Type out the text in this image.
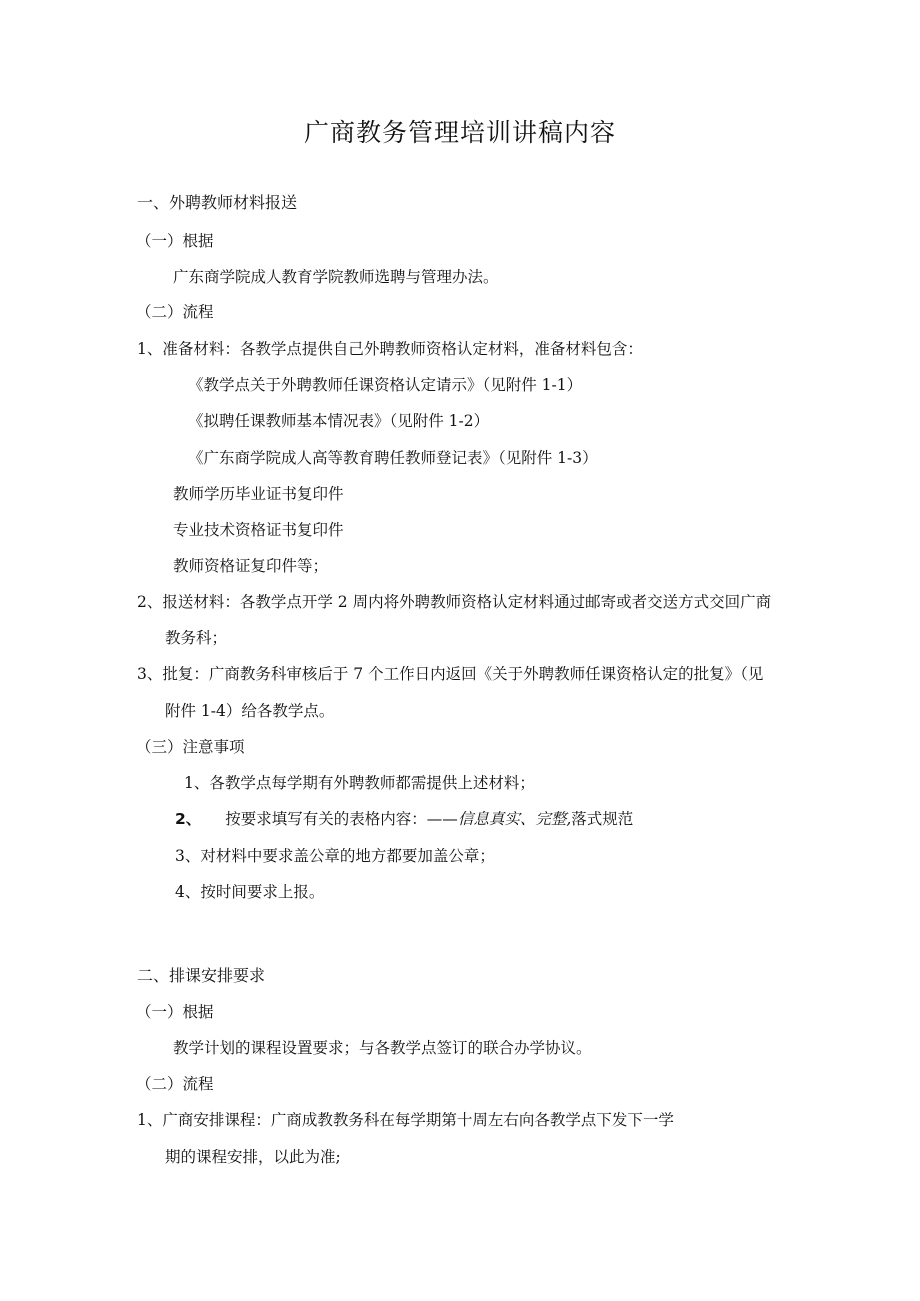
广商教务管理培训讲稿内容
一、外聘教师材料报送
（一）根据
广东商学院成人教育学院教师选聘与管理办法。
（二）流程
1、准备材料：各教学点提供自己外聘教师资格认定材料，准备材料包含：
《教学点关于外聘教师任课资格认定请示》（见附件 1-1）
《拟聘任课教师基本情况表》（见附件 1-2）
《广东商学院成人高等教育聘任教师登记表》（见附件 1-3）
教师学历毕业证书复印件
专业技术资格证书复印件
教师资格证复印件等；
2、报送材料：各教学点开学 2 周内将外聘教师资格认定材料通过邮寄或者交送方式交回广商
教务科；
3、批复：广商教务科审核后于 7 个工作日内返回《关于外聘教师任课资格认定的批复》（见
附件 1-4）给各教学点。
（三）注意事项
1、各教学点每学期有外聘教师都需提供上述材料；
2、 按要求填写有关的表格内容：——信息真实、完整,落式规范
3、对材料中要求盖公章的地方都要加盖公章；
4、按时间要求上报。
二、排课安排要求
（一）根据
教学计划的课程设置要求；与各教学点签订的联合办学协议。
（二）流程
1、广商安排课程：广商成教教务科在每学期第十周左右向各教学点下发下一学
期的课程安排，以此为准;
